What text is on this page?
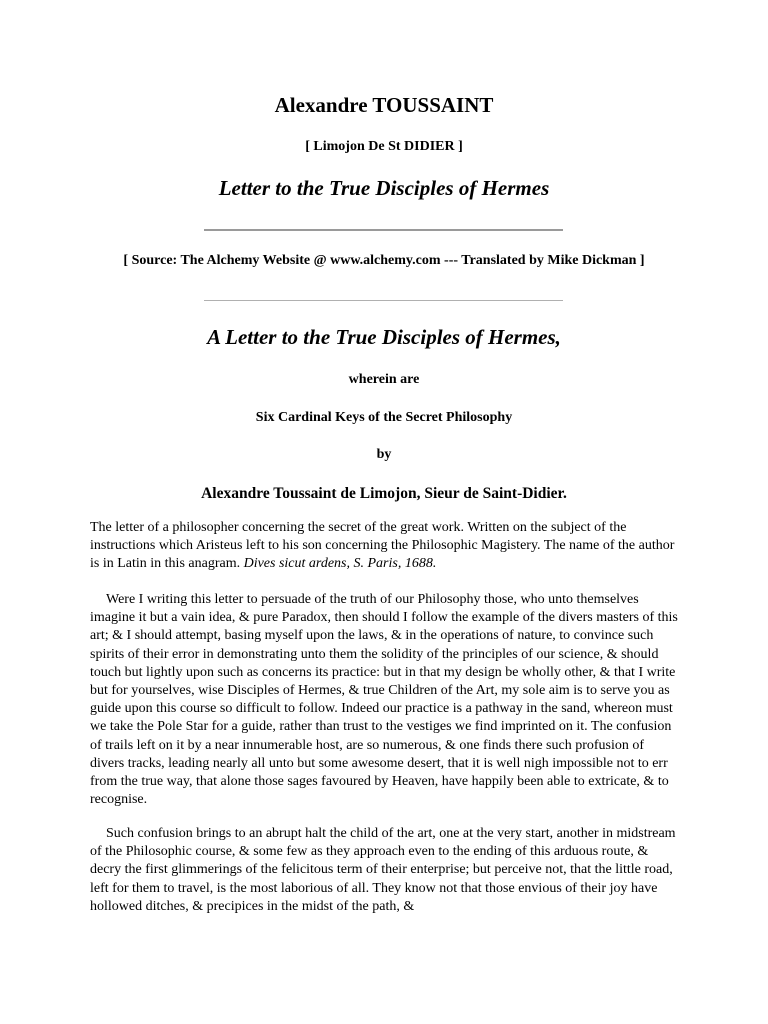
Alexandre TOUSSAINT

[ Limojon De St DIDIER ]

Letter to the True Disciples of Hermes

[ Source: The Alchemy Website @ www.alchemy.com --- Translated by Mike Dickman ]

A Letter to the True Disciples of Hermes,

wherein are

Six Cardinal Keys of the Secret Philosophy

by

Alexandre Toussaint de Limojon, Sieur de Saint-Didier.

The letter of a philosopher concerning the secret of the great work. Written on the subject of the instructions which Aristeus left to his son concerning the Philosophic Magistery. The name of the author is in Latin in this anagram. Dives sicut ardens, S. Paris, 1688.

Were I writing this letter to persuade of the truth of our Philosophy those, who unto themselves imagine it but a vain idea, & pure Paradox, then should I follow the example of the divers masters of this art; & I should attempt, basing myself upon the laws, & in the operations of nature, to convince such spirits of their error in demonstrating unto them the solidity of the principles of our science, & should touch but lightly upon such as concerns its practice: but in that my design be wholly other, & that I write but for yourselves, wise Disciples of Hermes, & true Children of the Art, my sole aim is to serve you as guide upon this course so difficult to follow. Indeed our practice is a pathway in the sand, whereon must we take the Pole Star for a guide, rather than trust to the vestiges we find imprinted on it. The confusion of trails left on it by a near innumerable host, are so numerous, & one finds there such profusion of divers tracks, leading nearly all unto but some awesome desert, that it is well nigh impossible not to err from the true way, that alone those sages favoured by Heaven, have happily been able to extricate, & to recognise.

Such confusion brings to an abrupt halt the child of the art, one at the very start, another in midstream of the Philosophic course, & some few as they approach even to the ending of this arduous route, & decry the first glimmerings of the felicitous term of their enterprise; but perceive not, that the little road, left for them to travel, is the most laborious of all. They know not that those envious of their joy have hollowed ditches, & precipices in the midst of the path, &
